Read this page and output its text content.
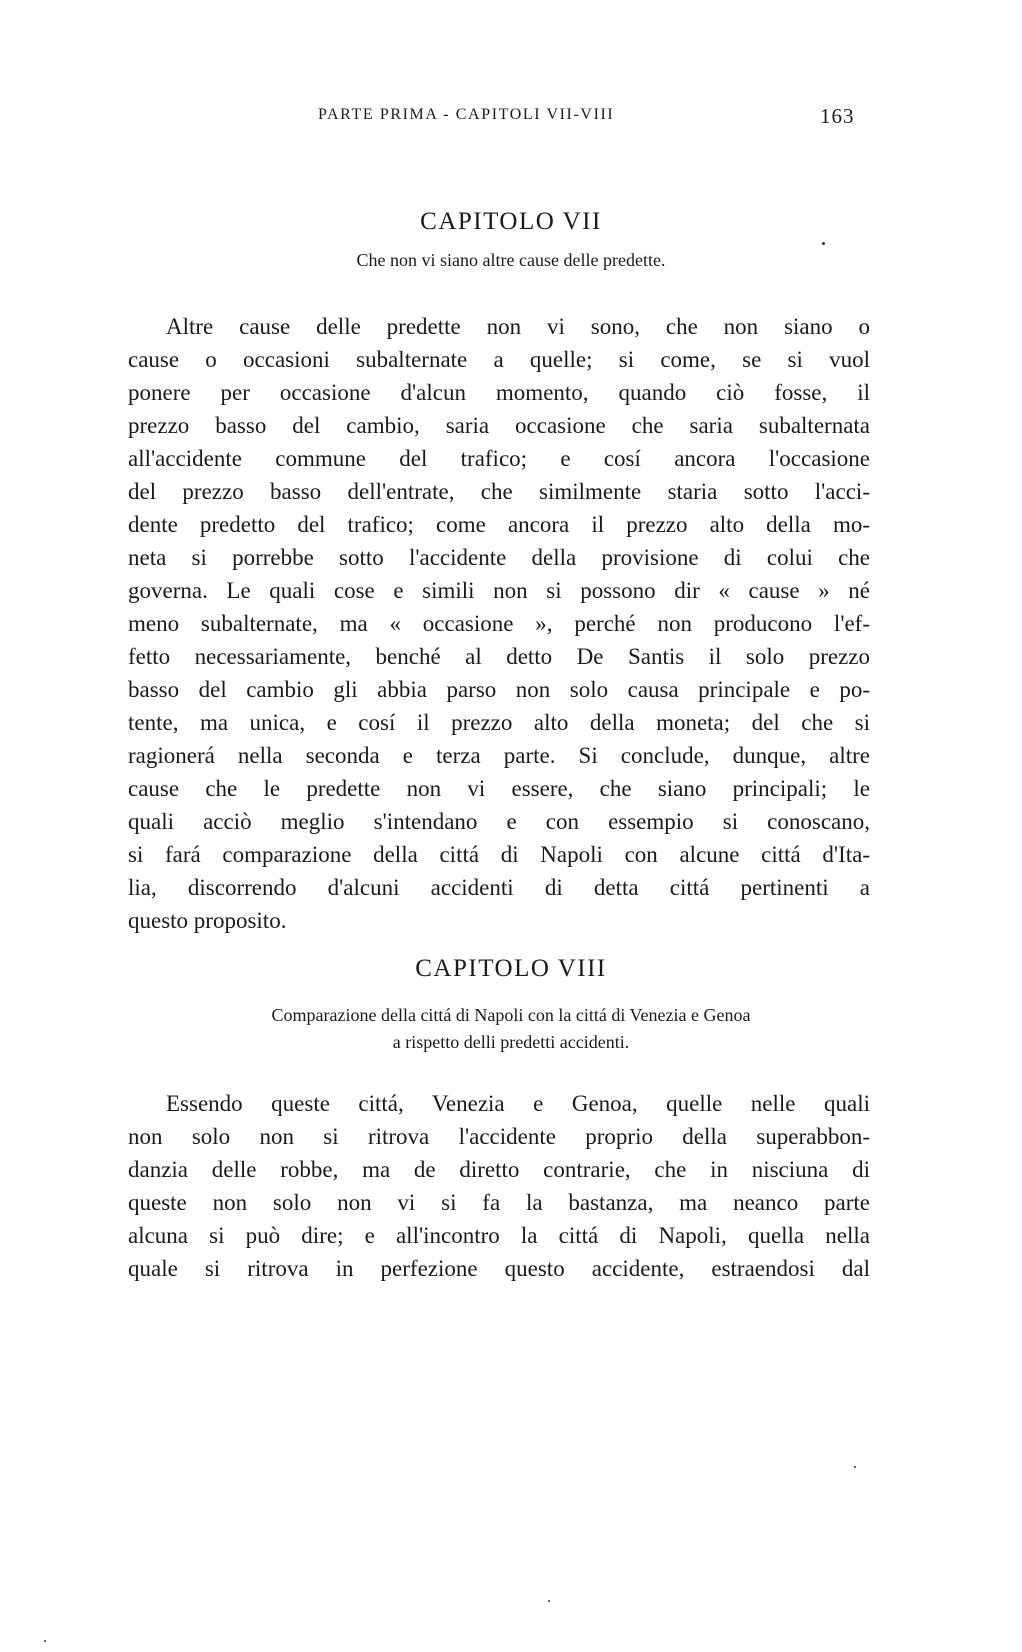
PARTE PRIMA - CAPITOLI VII-VIII	163
CAPITOLO VII
Che non vi siano altre cause delle predette.
Altre cause delle predette non vi sono, che non siano o
cause o occasioni subalternate a quelle; si come, se si vuol
ponere per occasione d'alcun momento, quando ciò fosse, il
prezzo basso del cambio, saria occasione che saria subalternata
all'accidente commune del trafico; e cosí ancora l'occasione
del prezzo basso dell'entrate, che similmente staria sotto l'acci-
dente predetto del trafico; come ancora il prezzo alto della mo-
neta si porrebbe sotto l'accidente della provisione di colui che
governa. Le quali cose e simili non si possono dir « cause » né
meno subalternate, ma « occasione », perché non producono l'ef-
fetto necessariamente, benché al detto De Santis il solo prezzo
basso del cambio gli abbia parso non solo causa principale e po-
tente, ma unica, e cosí il prezzo alto della moneta; del che si
ragionerá nella seconda e terza parte. Si conclude, dunque, altre
cause che le predette non vi essere, che siano principali; le
quali acciò meglio s'intendano e con essempio si conoscano,
si fará comparazione della cittá di Napoli con alcune cittá d'Ita-
lia, discorrendo d'alcuni accidenti di detta cittá pertinenti a
questo proposito.
CAPITOLO VIII
Comparazione della cittá di Napoli con la cittá di Venezia e Genoa
a rispetto delli predetti accidenti.
Essendo queste cittá, Venezia e Genoa, quelle nelle quali
non solo non si ritrova l'accidente proprio della superabbon-
danzia delle robbe, ma de diretto contrarie, che in nisciuna di
queste non solo non vi si fa la bastanza, ma neanco parte
alcuna si può dire; e all'incontro la cittá di Napoli, quella nella
quale si ritrova in perfezione questo accidente, estraendosi dal
